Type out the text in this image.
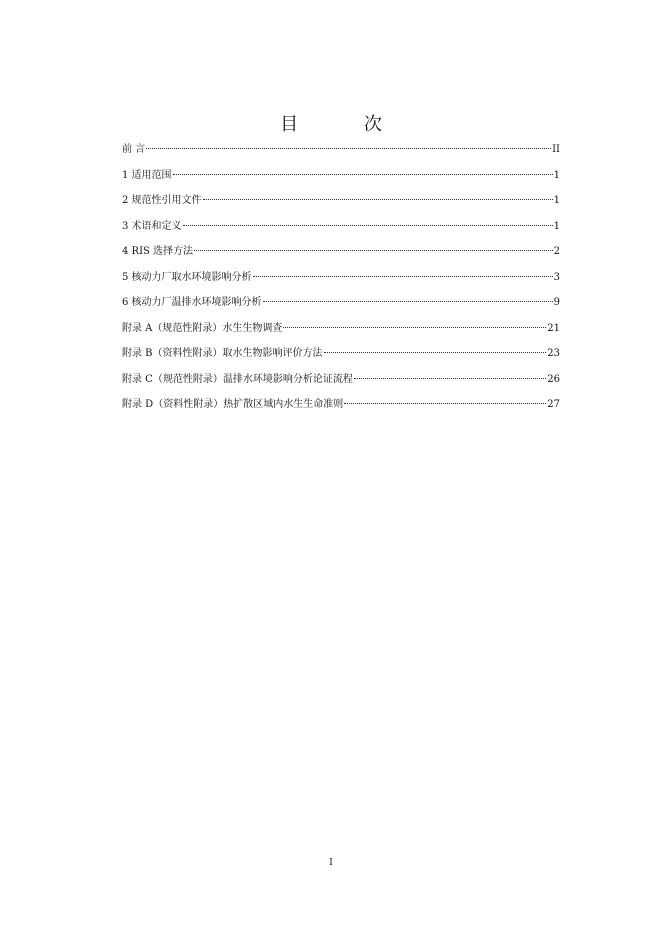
目 次
前 言	II
1 适用范围	1
2 规范性引用文件	1
3 术语和定义	1
4 RIS 选择方法	2
5 核动力厂取水环境影响分析	3
6 核动力厂温排水环境影响分析	9
附录 A（规范性附录）水生生物调查	21
附录 B（资料性附录）取水生物影响评价方法	23
附录 C（规范性附录）温排水环境影响分析论证流程	26
附录 D（资料性附录）热扩散区域内水生生命准则	27
I
